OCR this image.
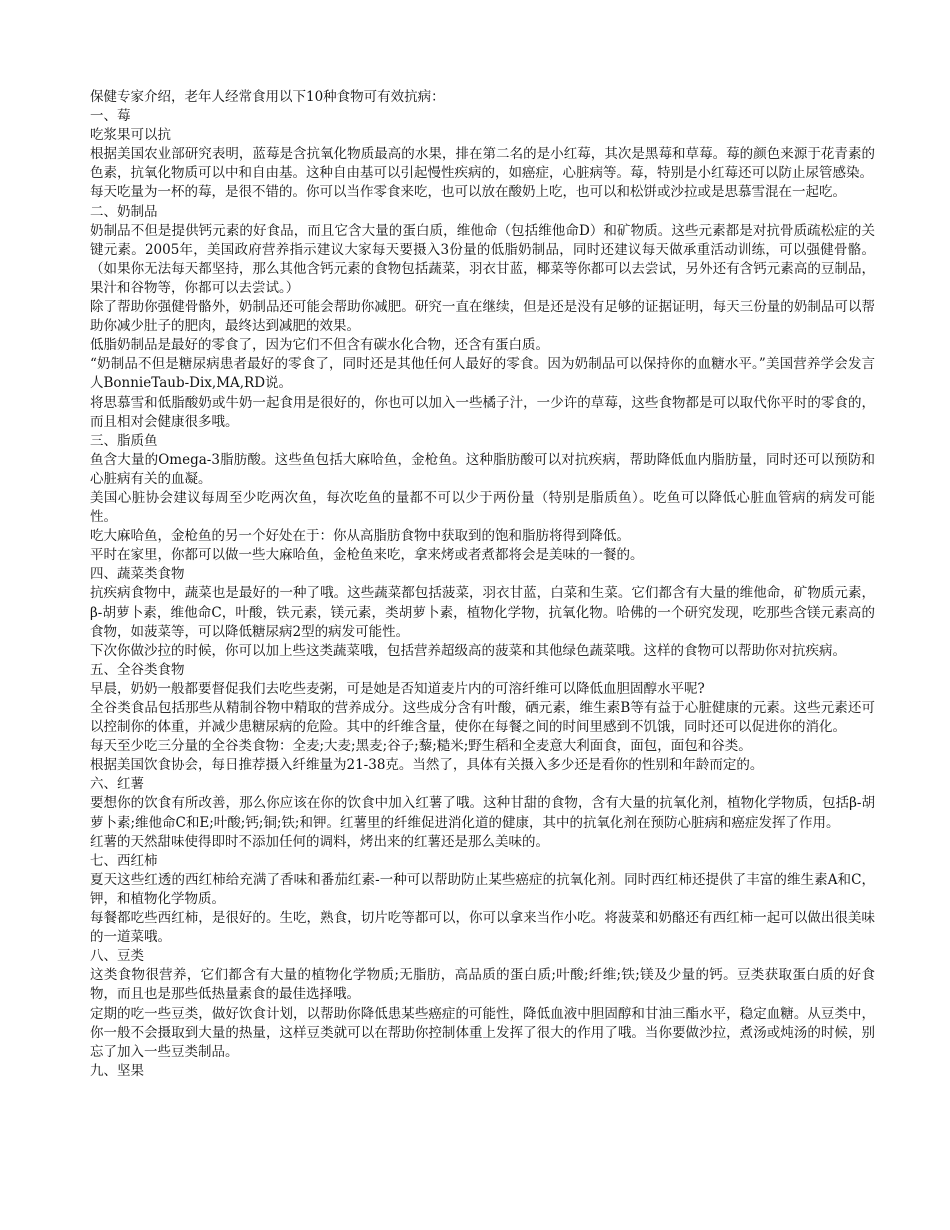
保健专家介绍，老年人经常食用以下10种食物可有效抗病：

一、莓

吃浆果可以抗

根据美国农业部研究表明，蓝莓是含抗氧化物质最高的水果，排在第二名的是小红莓，其次是黑莓和草莓。莓的颜色来源于花青素的色素，抗氧化物质可以中和自由基。这种自由基可以引起慢性疾病的，如癌症，心脏病等。莓，特别是小红莓还可以防止尿管感染。

每天吃量为一杯的莓，是很不错的。你可以当作零食来吃，也可以放在酸奶上吃，也可以和松饼或沙拉或是思慕雪混在一起吃。

二、奶制品

奶制品不但是提供钙元素的好食品，而且它含大量的蛋白质，维他命（包括维他命D）和矿物质。这些元素都是对抗骨质疏松症的关键元素。2005年，美国政府营养指示建议大家每天要摄入3份量的低脂奶制品，同时还建议每天做承重活动训练，可以强健骨骼。（如果你无法每天都坚持，那么其他含钙元素的食物包括蔬菜，羽衣甘蓝，椰菜等你都可以去尝试，另外还有含钙元素高的豆制品，果汁和谷物等，你都可以去尝试。）

除了帮助你强健骨骼外，奶制品还可能会帮助你减肥。研究一直在继续，但是还是没有足够的证据证明，每天三份量的奶制品可以帮助你减少肚子的肥肉，最终达到减肥的效果。

低脂奶制品是最好的零食了，因为它们不但含有碳水化合物，还含有蛋白质。

“奶制品不但是糖尿病患者最好的零食了，同时还是其他任何人最好的零食。因为奶制品可以保持你的血糖水平。”美国营养学会发言人BonnieTaub-Dix,MA,RD说。

将思慕雪和低脂酸奶或牛奶一起食用是很好的，你也可以加入一些橘子汁，一少许的草莓，这些食物都是可以取代你平时的零食的，而且相对会健康很多哦。

三、脂质鱼

鱼含大量的Omega-3脂肪酸。这些鱼包括大麻哈鱼，金枪鱼。这种脂肪酸可以对抗疾病，帮助降低血内脂肪量，同时还可以预防和心脏病有关的血凝。

美国心脏协会建议每周至少吃两次鱼，每次吃鱼的量都不可以少于两份量（特别是脂质鱼）。吃鱼可以降低心脏血管病的病发可能性。

吃大麻哈鱼，金枪鱼的另一个好处在于：你从高脂肪食物中获取到的饱和脂肪将得到降低。

平时在家里，你都可以做一些大麻哈鱼，金枪鱼来吃，拿来烤或者煮都将会是美味的一餐的。

四、蔬菜类食物

抗疾病食物中，蔬菜也是最好的一种了哦。这些蔬菜都包括菠菜，羽衣甘蓝，白菜和生菜。它们都含有大量的维他命，矿物质元素，β-胡萝卜素，维他命C，叶酸，铁元素，镁元素，类胡萝卜素，植物化学物，抗氧化物。哈佛的一个研究发现，吃那些含镁元素高的食物，如菠菜等，可以降低糖尿病2型的病发可能性。

下次你做沙拉的时候，你可以加上些这类蔬菜哦，包括营养超级高的菠菜和其他绿色蔬菜哦。这样的食物可以帮助你对抗疾病。

五、全谷类食物

早晨，奶奶一般都要督促我们去吃些麦粥，可是她是否知道麦片内的可溶纤维可以降低血胆固醇水平呢?

全谷类食品包括那些从精制谷物中精取的营养成分。这些成分含有叶酸，硒元素，维生素B等有益于心脏健康的元素。这些元素还可以控制你的体重，并减少患糖尿病的危险。其中的纤维含量，使你在每餐之间的时间里感到不饥饿，同时还可以促进你的消化。

每天至少吃三分量的全谷类食物：全麦;大麦;黑麦;谷子;藜;糙米;野生稻和全麦意大利面食，面包，面包和谷类。

根据美国饮食协会，每日推荐摄入纤维量为21-38克。当然了，具体有关摄入多少还是看你的性别和年龄而定的。

六、红薯

要想你的饮食有所改善，那么你应该在你的饮食中加入红薯了哦。这种甘甜的食物，含有大量的抗氧化剂，植物化学物质，包括β-胡萝卜素;维他命C和E;叶酸;钙;铜;铁;和钾。红薯里的纤维促进消化道的健康，其中的抗氧化剂在预防心脏病和癌症发挥了作用。

红薯的天然甜味使得即时不添加任何的调料，烤出来的红薯还是那么美味的。

七、西红柿

夏天这些红透的西红柿给充满了香味和番茄红素-一种可以帮助防止某些癌症的抗氧化剂。同时西红柿还提供了丰富的维生素A和C，钾，和植物化学物质。

每餐都吃些西红柿，是很好的。生吃，熟食，切片吃等都可以，你可以拿来当作小吃。将菠菜和奶酪还有西红柿一起可以做出很美味的一道菜哦。

八、豆类

这类食物很营养，它们都含有大量的植物化学物质;无脂肪，高品质的蛋白质;叶酸;纤维;铁;镁及少量的钙。豆类获取蛋白质的好食物，而且也是那些低热量素食的最佳选择哦。

定期的吃一些豆类，做好饮食计划，以帮助你降低患某些癌症的可能性，降低血液中胆固醇和甘油三酯水平，稳定血糖。从豆类中，你一般不会摄取到大量的热量，这样豆类就可以在帮助你控制体重上发挥了很大的作用了哦。当你要做沙拉，煮汤或炖汤的时候，别忘了加入一些豆类制品。

九、坚果
